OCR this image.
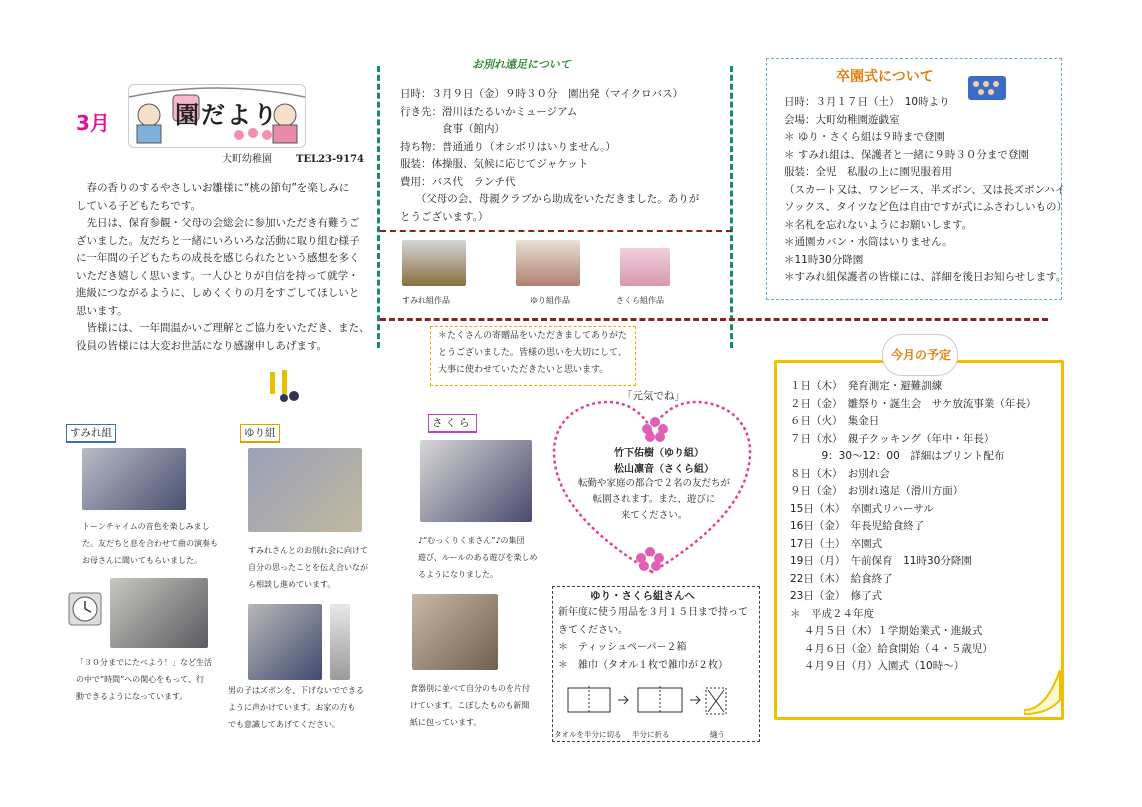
3月	園だより
大町幼稚園 TEL23-9174
　春の香りのするやさしいお雛様に“桃の節句”を楽しみに
している子どもたちです。
　先日は、保育参観・父母の会総会に参加いただき有難うご
ざいました。友だちと一緒にいろいろな活動に取り組む様子
に一年間の子どもたちの成長を感じられたという感想を多く
いただき嬉しく思います。一人ひとりが自信を持って就学・
進級につながるように、しめくくりの月をすごしてほしいと
思います。
　皆様には、一年間温かいご理解とご協力をいただき、また、
役員の皆様には大変お世話になり感謝申しあげます。
お別れ遠足について
日時：３月９日（金）９時３０分　園出発（マイクロバス）
行き先：滑川ほたるいかミュージアム
　　　　食事（館内）
持ち物：普通通り（オシボリはいりません。）
服装：体操服、気候に応じてジャケット
費用：バス代　ランチ代
　　（父母の会、母親クラブから助成をいただきました。ありが
とうございます。）
すみれ組作品	ゆり組作品	さくら組作品
＊たくさんの寄贈品をいただきましてありがた
とうございました。皆様の思いを大切にして、
大事に使わせていただきたいと思います。
卒園式について
日時：３月１７日（土）　10時より
会場：大町幼稚園遊戯室
＊ ゆり・さくら組は９時まで登園
＊ すみれ組は、保護者と一緒に９時３０分まで登園
服装：全児　私服の上に園児服着用
（スカート又は、ワンピース、半ズボン、又は長ズボンハイ
ソックス、タイツなど色は自由ですが式にふさわしいもの）
＊名札を忘れないようにお願いします。
＊通園カバン・水筒はいりません。
＊11時30分降園
＊すみれ組保護者の皆様には、詳細を後日お知らせします。
今月の予定
１日（木）　発育測定・避難訓練
２日（金）　雛祭り・誕生会　サケ放流事業（年長）
６日（火）　集金日
７日（水）　親子クッキング（年中・年長）
　　　9：30〜12：00　詳細はプリント配布
８日（木）　お別れ会
９日（金）　お別れ遠足（滑川方面）
15日（木）　卒園式リハーサル
16日（金）　年長児給食終了
17日（土）　卒園式
19日（月）　午前保育　11時30分降園
22日（木）　給食終了
23日（金）　修了式
＊　平成２４年度
　 ４月５日（木）１学期始業式・進級式
　 ４月６日（金）給食開始（４・５歳児）
　 ４月９日（月）入園式（10時〜）
すみれ組
トーンチャイムの音色を楽しみまし
た。友だちと息を合わせて曲の演奏も
お母さんに聞いてもらいました。
「３０分までにたべよう！」など生活
の中で“時間”への関心をもって、行
動できるようになっています。
ゆり組
すみれさんとのお別れ会に向けて
自分の思ったことを伝え合いなが
ら相談し進めています。
男の子はズボンを、下げないでできる
ように声かけています。お家の方も
でも意識してあげてください。
さくら
♪“むっくりくまさん”♪の集団
遊び、ルールのある遊びを楽しめ
るようになりました。
食器別に並べて自分のものを片付
けています。こぼしたものも新聞
紙に包っています。
「元気でね」
竹下佑樹（ゆり組）
松山凛音（さくら組）
転勤や家庭の都合で２名の友だちが
転園されます。また、遊びに
来てください。
ゆり・さくら組さんへ
新年度に使う用品を３月１５日まで持って
きてください。
＊　ティッシュペーパー２箱
＊　雑巾（タオル１枚で雑巾が２枚）
タオルを半分に切る 半分に折る	縫う
